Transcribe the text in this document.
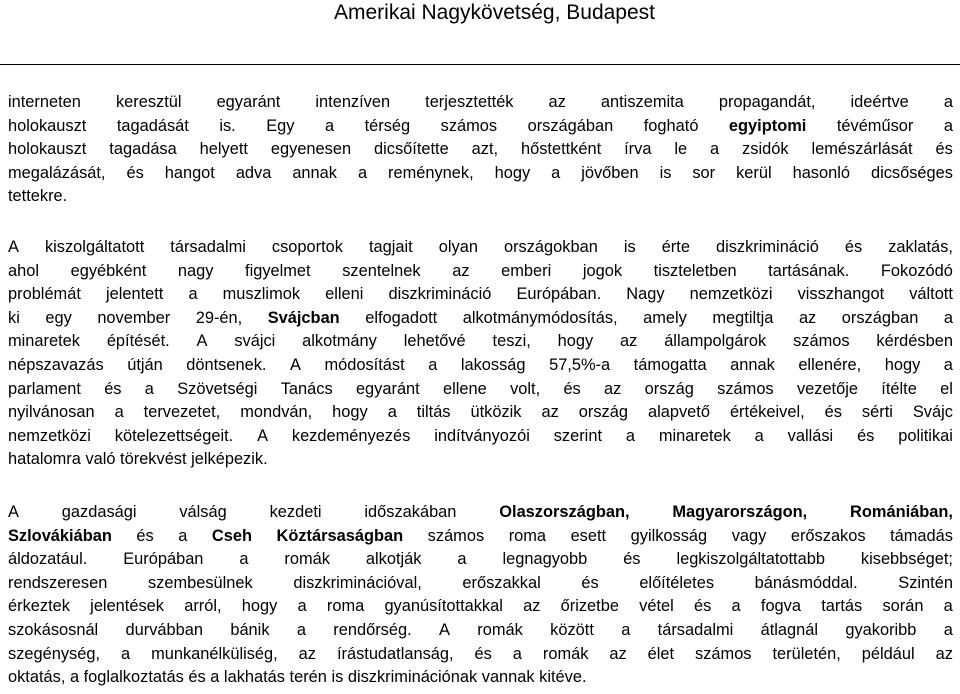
Amerikai Nagykövetség, Budapest
interneten keresztül egyaránt intenzíven terjesztették az antiszemita propagandát, ideértve a
holokauszt tagadását is. Egy a térség számos országában fogható egyiptomi tévéműsor a
holokauszt tagadása helyett egyenesen dicsőítette azt, hőstettként írva le a zsidók lemészárlását és
megalázását, és hangot adva annak a reménynek, hogy a jövőben is sor kerül hasonló dicsőséges
tettekre.
A kiszolgáltatott társadalmi csoportok tagjait olyan országokban is érte diszkrimináció és zaklatás,
ahol egyébként nagy figyelmet szentelnek az emberi jogok tiszteletben tartásának. Fokozódó
problémát jelentett a muszlimok elleni diszkrimináció Európában. Nagy nemzetközi visszhangot váltott
ki egy november 29-én, Svájcban elfogadott alkotmánymódosítás, amely megtiltja az országban a
minaretek építését. A svájci alkotmány lehetővé teszi, hogy az állampolgárok számos kérdésben
népszavazás útján döntsenek. A módosítást a lakosság 57,5%-a támogatta annak ellenére, hogy a
parlament és a Szövetségi Tanács egyaránt ellene volt, és az ország számos vezetője ítélte el
nyilvánosan a tervezetet, mondván, hogy a tiltás ütközik az ország alapvető értékeivel, és sérti Svájc
nemzetközi kötelezettségeit. A kezdeményezés indítványozói szerint a minaretek a vallási és politikai
hatalomra való törekvést jelképezik.
A	gazdasági	válság	kezdeti	időszakában	Olaszországban,	Magyarországon,	Romániában,
Szlovákiában és a Cseh Köztársaságban számos roma esett gyilkosság vagy erőszakos támadás
áldozatául. Európában a romák alkotják a legnagyobb és legkiszolgáltatottabb kisebbséget;
rendszeresen szembesülnek diszkriminációval, erőszakkal és előítéletes bánásmóddal. Szintén
érkeztek jelentések arról, hogy a roma gyanúsítottakkal az őrizetbe vétel és a fogva tartás során a
szokásosnál durvábban bánik a rendőrség. A romák között a társadalmi átlagnál gyakoribb a
szegénység, a munkanélküliség, az írástudatlanság, és a romák az élet számos területén, például az
oktatás, a foglalkoztatás és a lakhatás terén is diszkriminációnak vannak kitéve.
